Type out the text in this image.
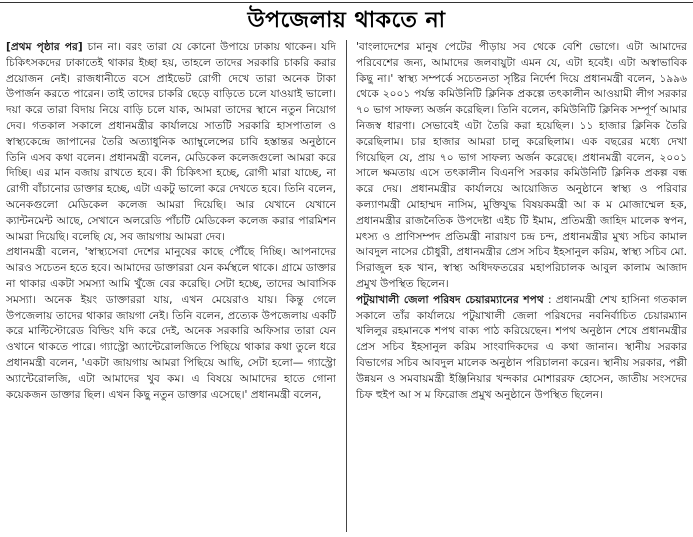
উপজেলায় থাকতে না

[প্রথম পৃষ্ঠার পর] চান না। বরং তারা যে কোনো উপায়ে ঢাকায় থাকেন। যদি চিকিৎসকদের ঢাকাতেই থাকার ইচ্ছা হয়, তাহলে তাদের সরকারি চাকরি করার প্রয়োজন নেই। রাজধানীতে বসে প্রাইভেট রোগী দেখে তারা অনেক টাকা উপার্জন করতে পারেন। তাই তাদের চাকরি ছেড়ে বাড়িতে চলে যাওয়াই ভালো। দয়া করে তারা বিদায় নিয়ে বাড়ি চলে যাক, আমরা তাদের স্থানে নতুন নিয়োগ দেব। গতকাল সকালে প্রধানমন্ত্রীর কার্যালয়ে সাতটি সরকারি হাসপাতাল ও স্বাস্থ্যকেন্দ্রে জাপানের তৈরি অত্যাধুনিক অ্যাম্বুলেন্সের চাবি হস্তান্তর অনুষ্ঠানে তিনি এসব কথা বলেন। প্রধানমন্ত্রী বলেন, মেডিকেল কলেজগুলো আমরা করে দিচ্ছি। এর মান বজায় রাখতে হবে। কী চিকিৎসা হচ্ছে, রোগী মারা যাচ্ছে, না রোগী বাঁচানোর ডাক্তার হচ্ছে, এটা একটু ভালো করে দেখতে হবে। তিনি বলেন, অনেকগুলো মেডিকেল কলেজ আমরা দিয়েছি। আর যেখানে যেখানে ক্যান্টনমেন্ট আছে, সেখানে অলরেডি পাঁচটি মেডিকেল কলেজ করার পারমিশন আমরা দিয়েছি। বলেছি যে, সব জায়গায় আমরা দেব।

প্রধানমন্ত্রী বলেন, 'স্বাস্থ্যসেবা দেশের মানুষের কাছে পৌঁছে দিচ্ছি। আপনাদের আরও সচেতন হতে হবে। আমাদের ডাক্তাররা যেন কর্মস্থলে থাকে। গ্রামে ডাক্তার না থাকার একটা সমস্যা আমি খুঁজে বের করেছি। সেটা হচ্ছে, তাদের আবাসিক সমস্যা। অনেক ইয়ং ডাক্তাররা যায়, এখন মেয়েরাও যায়। কিন্তু গেলে উপজেলায় তাদের থাকার জায়গা নেই। তিনি বলেন, প্রত্যেক উপজেলায় একটি করে মাল্টিস্টোরেড বিল্ডিং যদি করে দেই, অনেক সরকারি অফিসার তারা যেন ওখানে থাকতে পারে। গ্যাস্ট্রো অ্যান্টেরোলজিতে পিছিয়ে থাকার কথা তুলে ধরে প্রধানমন্ত্রী বলেন, 'একটা জায়গায় আমরা পিছিয়ে আছি, সেটা হলো— গ্যাস্ট্রো অ্যান্টেরোলজি, এটা আমাদের খুব কম। এ বিষয়ে আমাদের হাতে গোনা কয়েকজন ডাক্তার ছিল। এখন কিছু নতুন ডাক্তার এসেছে।' প্রধানমন্ত্রী বলেন,

'বাংলাদেশের মানুষ পেটের পীড়ায় সব থেকে বেশি ভোগে। এটা আমাদের পরিবেশের জন্য, আমাদের জলবায়ুটা এমন যে, এটা হবেই। এটা অস্বাভাবিক কিছু না।' স্বাস্থ্য সম্পর্কে সচেতনতা সৃষ্টির নির্দেশ দিয়ে প্রধানমন্ত্রী বলেন, ১৯৯৬ থেকে ২০০১ পর্যন্ত কমিউনিটি ক্লিনিক প্রকল্পে তৎকালীন আওয়ামী লীগ সরকার ৭০ ভাগ সাফল্য অর্জন করেছিল। তিনি বলেন, কমিউনিটি ক্লিনিক সম্পূর্ণ আমার নিজস্ব ধারণা। সেভাবেই এটা তৈরি করা হয়েছিল। ১১ হাজার ক্লিনিক তৈরি করেছিলাম। চার হাজার আমরা চালু করেছিলাম। এক বছরের মধ্যে দেখা গিয়েছিল যে, প্রায় ৭০ ভাগ সাফল্য অর্জন করেছে। প্রধানমন্ত্রী বলেন, ২০০১ সালে ক্ষমতায় এসে তৎকালীন বিএনপি সরকার কমিউনিটি ক্লিনিক প্রকল্প বন্ধ করে দেয়। প্রধানমন্ত্রীর কার্যালয়ে আয়োজিত অনুষ্ঠানে স্বাস্থ্য ও পরিবার কল্যাণমন্ত্রী মোহাম্মদ নাসিম, মুক্তিযুদ্ধ বিষয়কমন্ত্রী আ ক ম মোজাম্মেল হক, প্রধানমন্ত্রীর রাজনৈতিক উপদেষ্টা এইচ টি ইমাম, প্রতিমন্ত্রী জাহিদ মালেক স্বপন, মৎস্য ও প্রাণিসম্পদ প্রতিমন্ত্রী নারায়ণ চন্দ্র চন্দ, প্রধানমন্ত্রীর মুখ্য সচিব কামাল আবদুল নাসের চৌধুরী, প্রধানমন্ত্রীর প্রেস সচিব ইহসানুল করিম, স্বাস্থ্য সচিব মো. সিরাজুল হক খান, স্বাস্থ্য অধিদফতরের মহাপরিচালক আবুল কালাম আজাদ প্রমুখ উপস্থিত ছিলেন।

পটুয়াখালী জেলা পরিষদ চেয়ারম্যানের শপথ : প্রধানমন্ত্রী শেখ হাসিনা গতকাল সকালে তাঁর কার্যালয়ে পটুয়াখালী জেলা পরিষদের নবনির্বাচিত চেয়ারম্যান খলিলুর রহমানকে শপথ বাক্য পাঠ করিয়েছেন। শপথ অনুষ্ঠান শেষে প্রধানমন্ত্রীর প্রেস সচিব ইহসানুল করিম সাংবাদিকদের এ কথা জানান। স্থানীয় সরকার বিভাগের সচিব আবদুল মালেক অনুষ্ঠান পরিচালনা করেন। স্থানীয় সরকার, পল্লী উন্নয়ন ও সমবায়মন্ত্রী ইঞ্জিনিয়ার খন্দকার মোশাররফ হোসেন, জাতীয় সংসদের চিফ হুইপ আ স ম ফিরোজ প্রমুখ অনুষ্ঠানে উপস্থিত ছিলেন।
